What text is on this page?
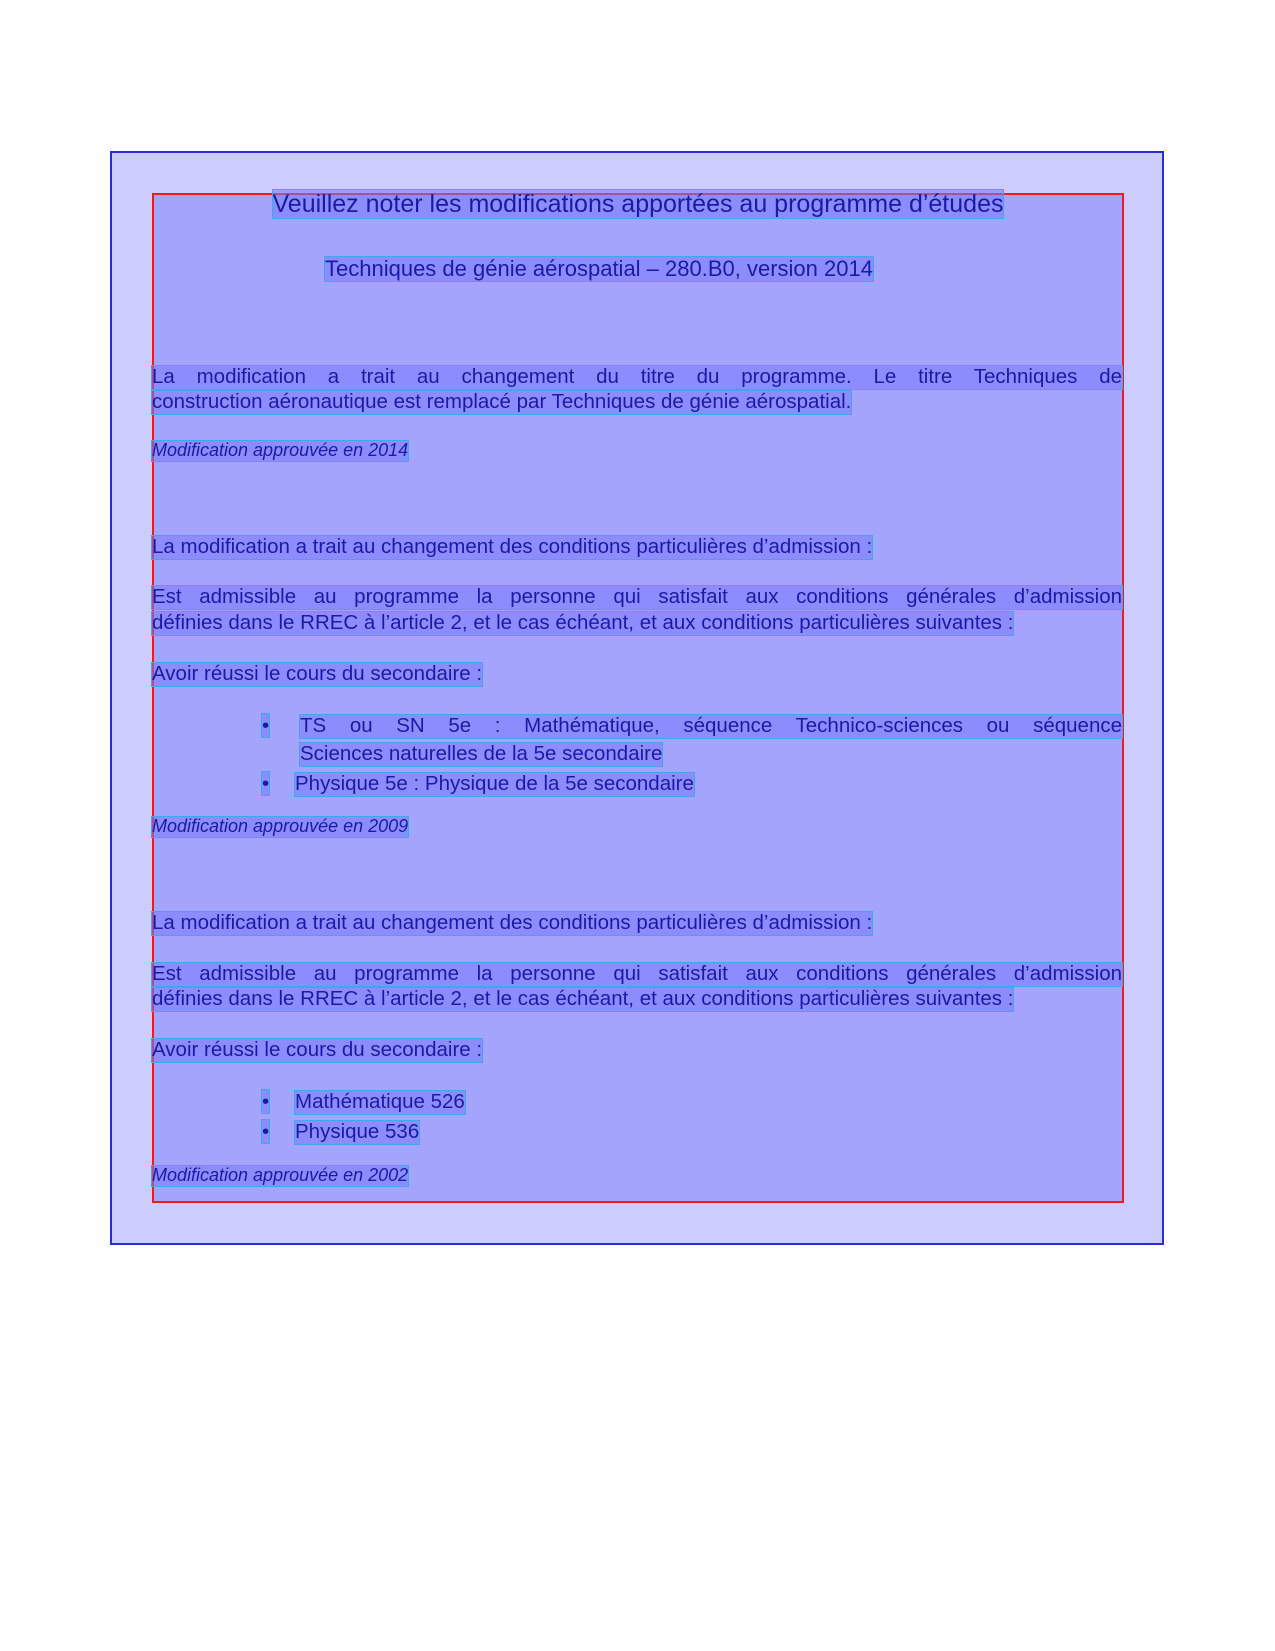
Veuillez noter les modifications apportées au programme d’études
Techniques de génie aérospatial – 280.B0, version 2014
La modification a trait au changement du titre du programme. Le titre Techniques de
construction aéronautique est remplacé par Techniques de génie aérospatial.
Modification approuvée en 2014
La modification a trait au changement des conditions particulières d’admission :
Est admissible au programme la personne qui satisfait aux conditions générales d’admission
définies dans le RREC à l’article 2, et le cas échéant, et aux conditions particulières suivantes :
Avoir réussi le cours du secondaire :
• TS ou SN 5e : Mathématique, séquence Technico-sciences ou séquence
Sciences naturelles de la 5e secondaire
• Physique 5e : Physique de la 5e secondaire
Modification approuvée en 2009
La modification a trait au changement des conditions particulières d’admission :
Est admissible au programme la personne qui satisfait aux conditions générales d’admission
définies dans le RREC à l’article 2, et le cas échéant, et aux conditions particulières suivantes :
Avoir réussi le cours du secondaire :
• Mathématique 526
• Physique 536
Modification approuvée en 2002
